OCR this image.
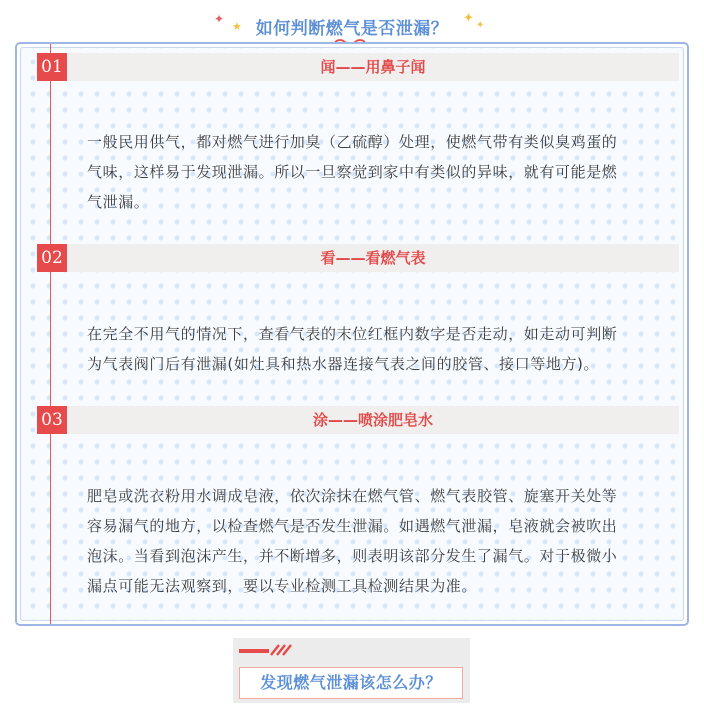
✦
★ 如何判断燃气是否泄漏？
✦ ✦
01	闻——用鼻子闻
一般民用供气，都对燃气进行加臭（乙硫醇）处理，使燃气带有类似臭鸡蛋的
气味，这样易于发现泄漏。所以一旦察觉到家中有类似的异味，就有可能是燃
气泄漏。
02	看——看燃气表
在完全不用气的情况下，查看气表的末位红框内数字是否走动，如走动可判断
为气表阀门后有泄漏(如灶具和热水器连接气表之间的胶管、接口等地方)。
03	涂——喷涂肥皂水
肥皂或洗衣粉用水调成皂液，依次涂抹在燃气管、燃气表胶管、旋塞开关处等
容易漏气的地方，以检查燃气是否发生泄漏。如遇燃气泄漏，皂液就会被吹出
泡沫。当看到泡沫产生，并不断增多，则表明该部分发生了漏气。对于极微小
漏点可能无法观察到，要以专业检测工具检测结果为准。
发现燃气泄漏该怎么办？
